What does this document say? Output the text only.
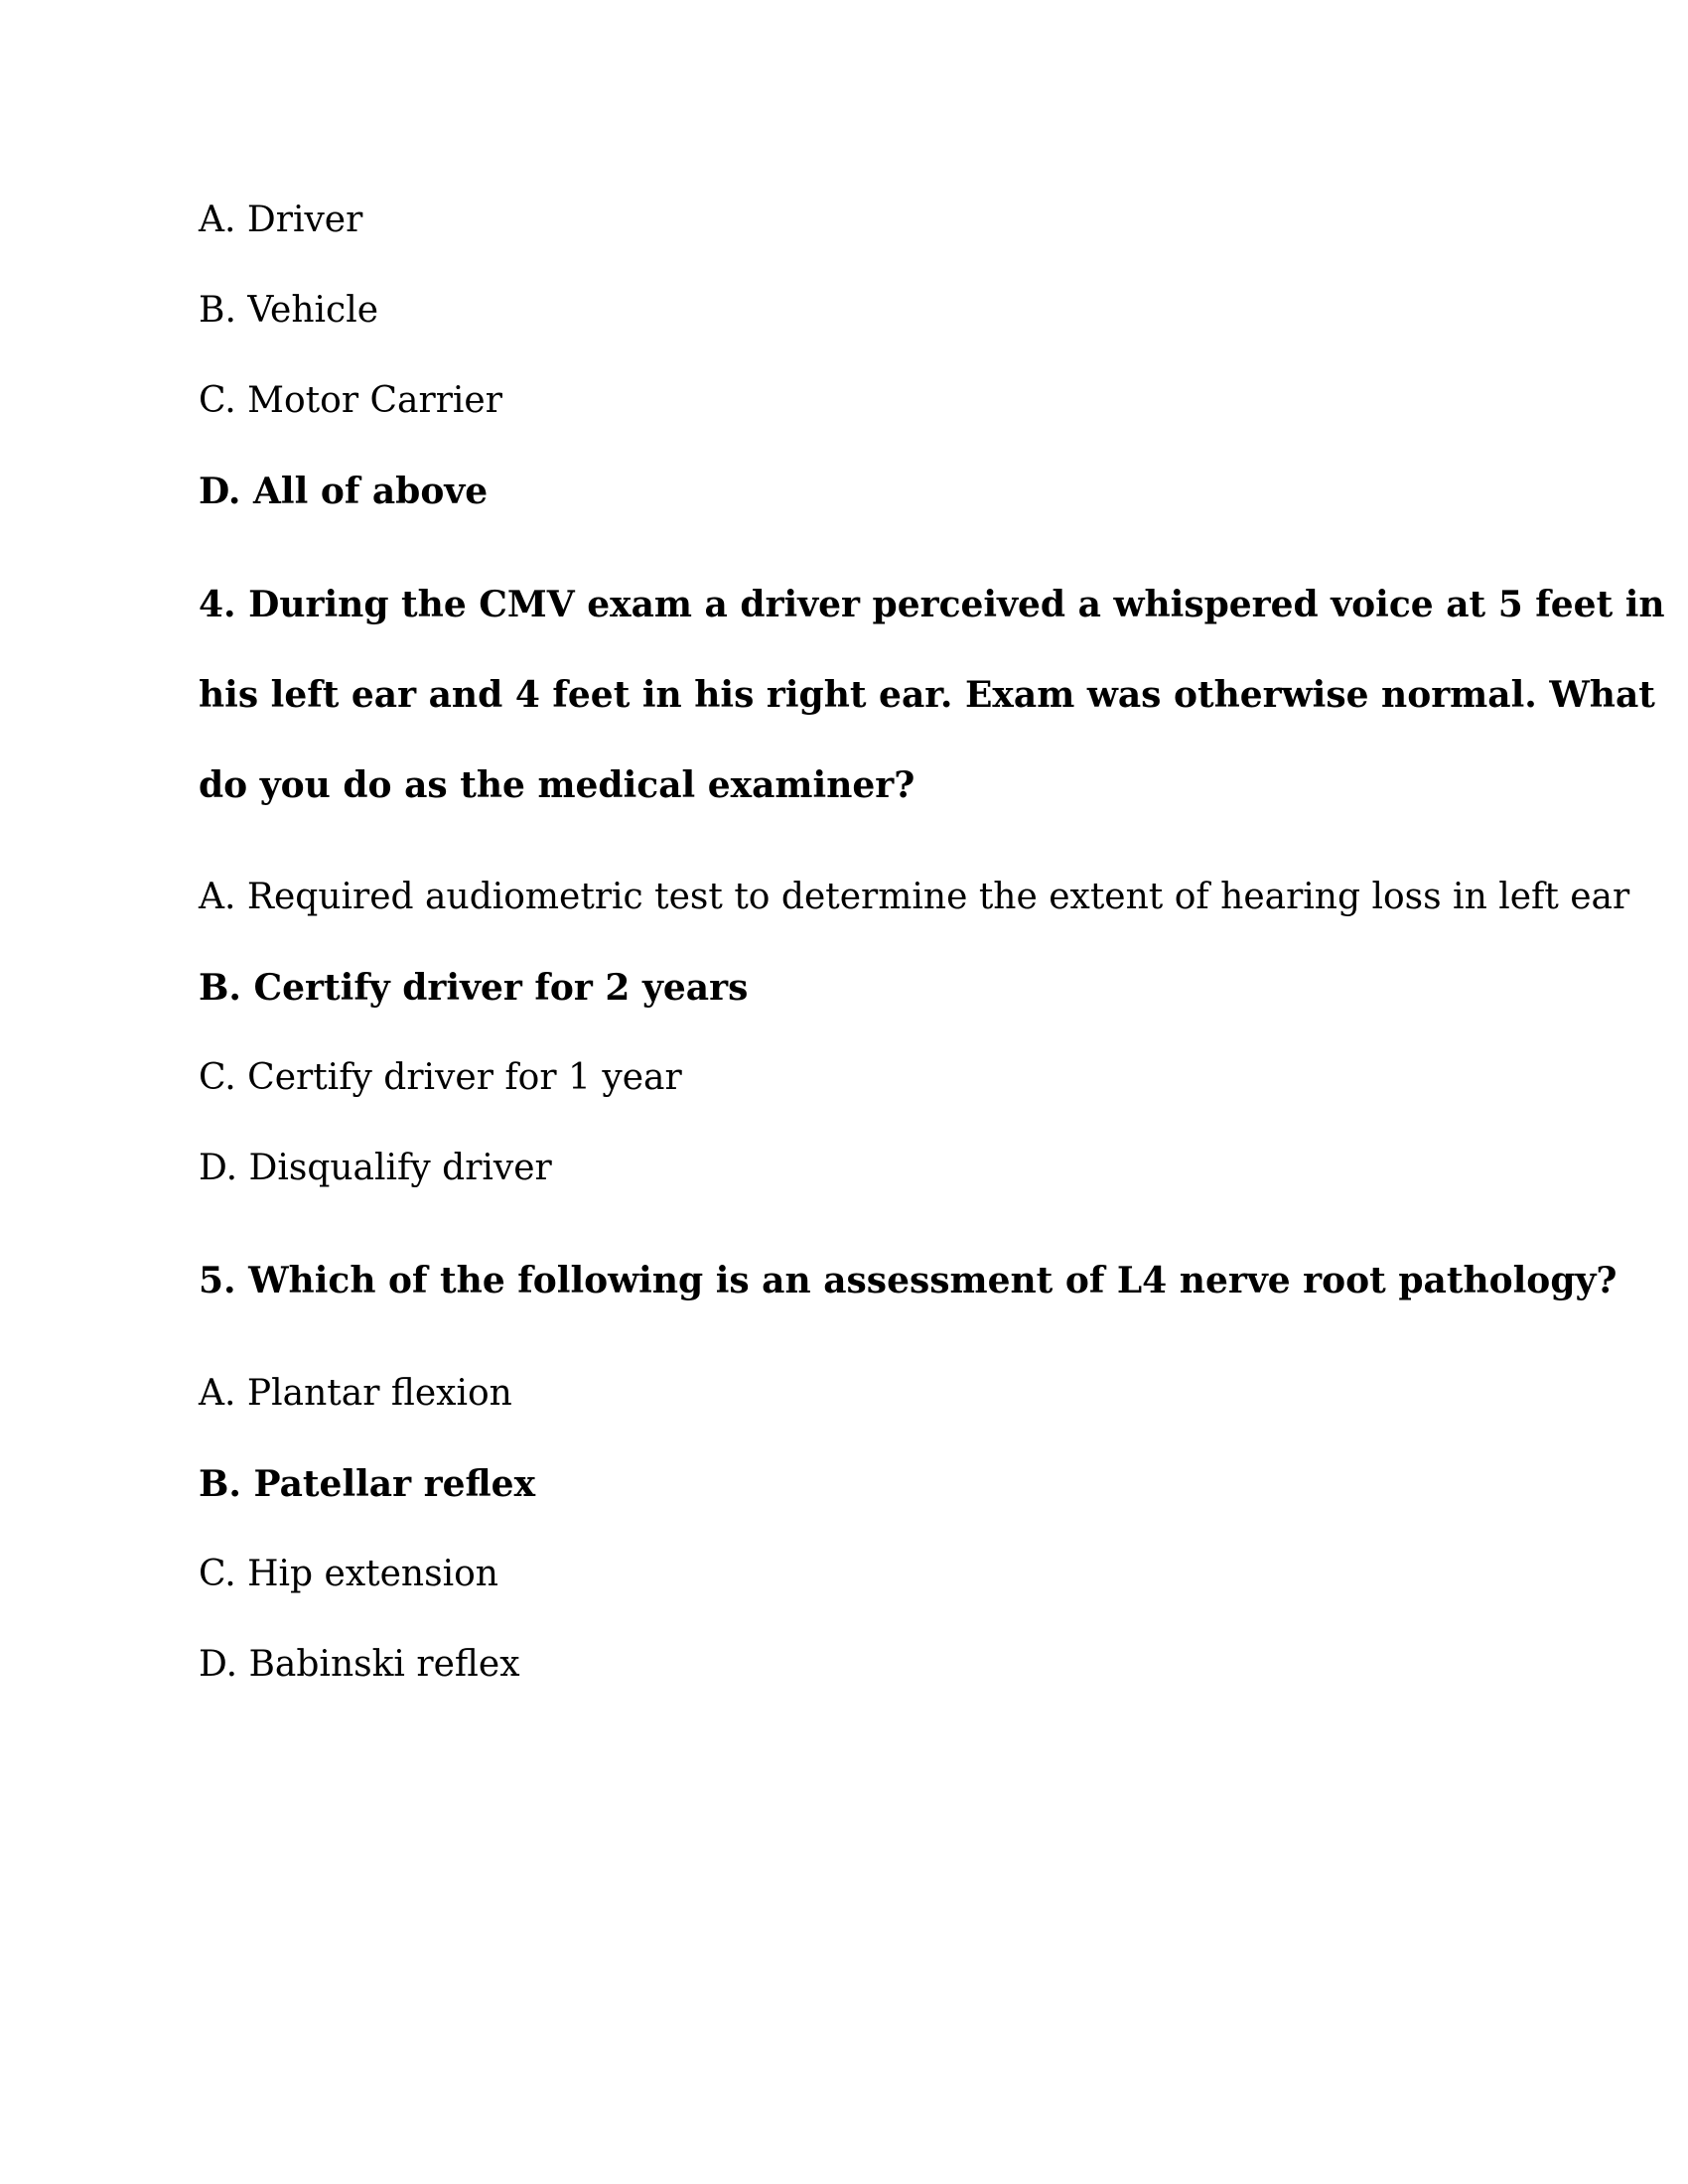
A. Driver

B. Vehicle

C. Motor Carrier

D. All of above

4. During the CMV exam a driver perceived a whispered voice at 5 feet in

his left ear and 4 feet in his right ear. Exam was otherwise normal. What

do you do as the medical examiner?

A. Required audiometric test to determine the extent of hearing loss in left ear

B. Certify driver for 2 years

C. Certify driver for 1 year

D. Disqualify driver

5. Which of the following is an assessment of L4 nerve root pathology?

A. Plantar flexion

B. Patellar reflex

C. Hip extension

D. Babinski reflex
